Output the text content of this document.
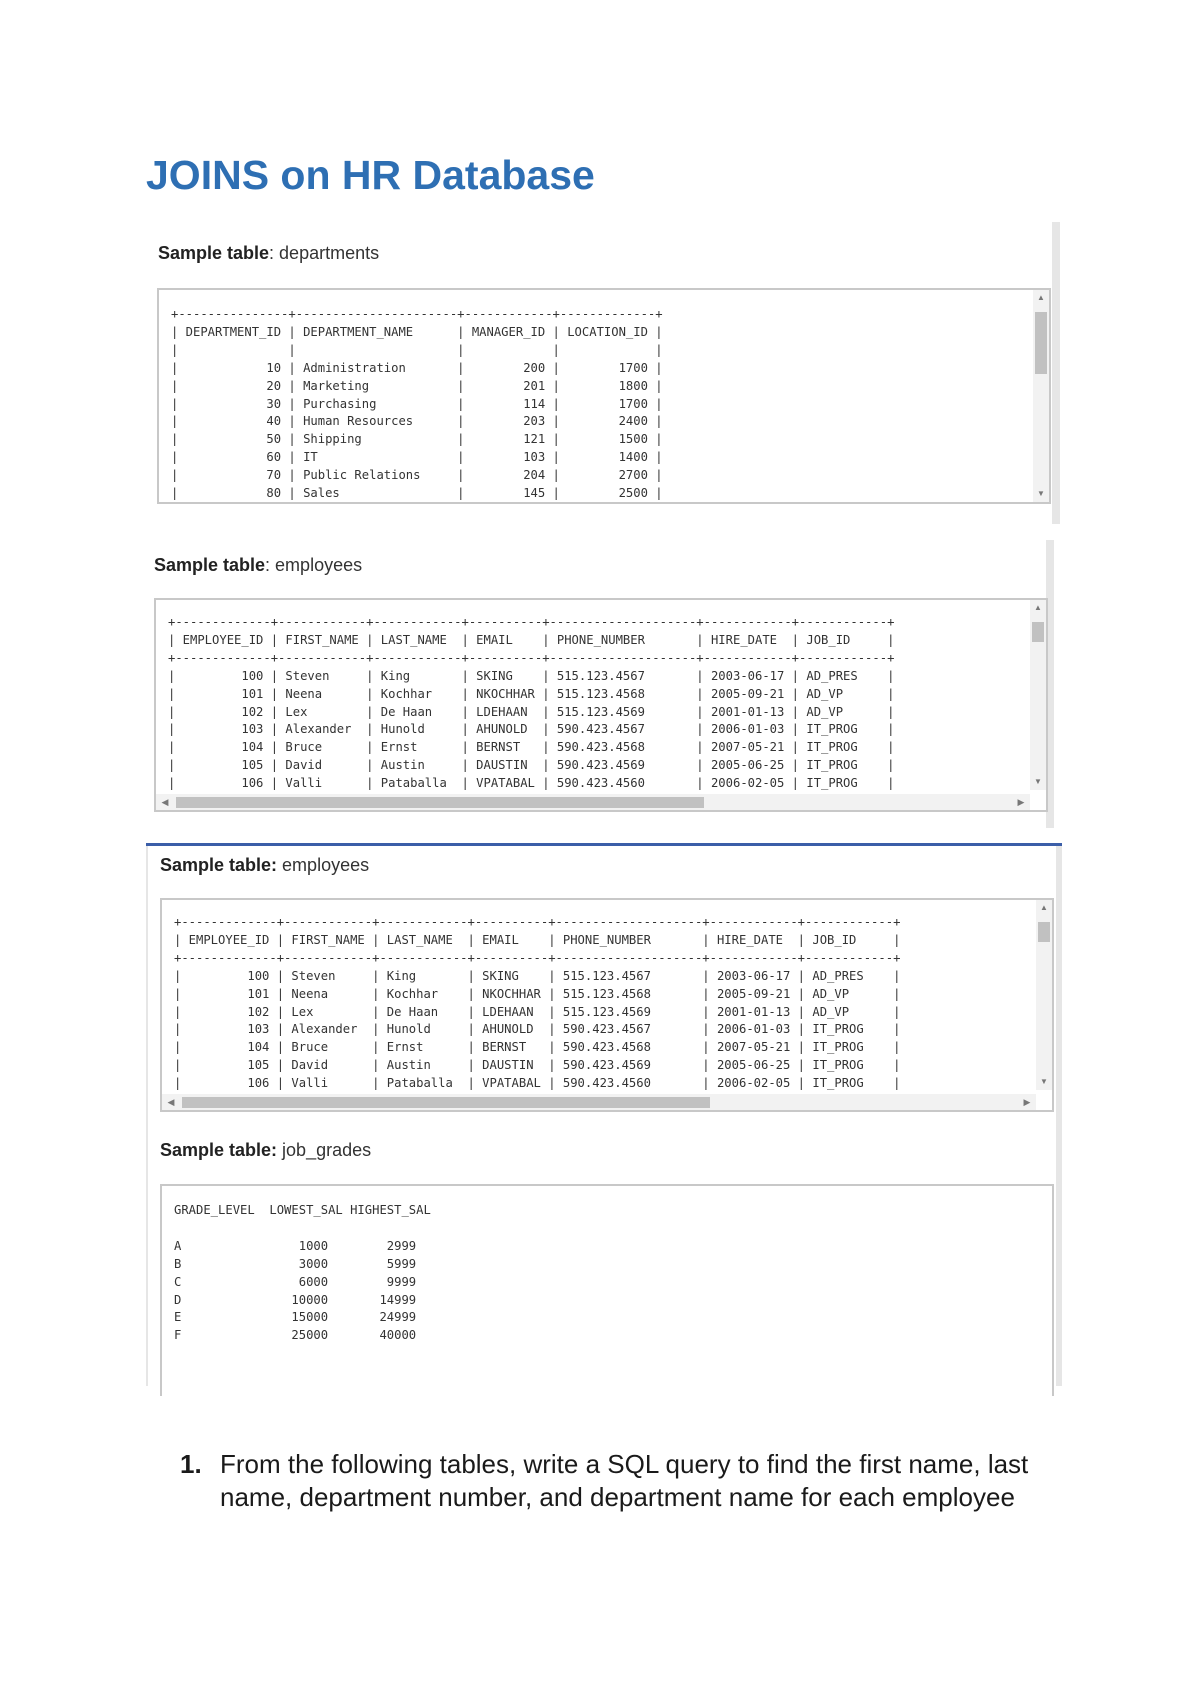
JOINS on HR Database
Sample table: departments
+---------------+----------------------+------------+-------------+
| DEPARTMENT_ID | DEPARTMENT_NAME      | MANAGER_ID | LOCATION_ID |
|               |                      |            |             |
|            10 | Administration       |        200 |        1700 |
|            20 | Marketing            |        201 |        1800 |
|            30 | Purchasing           |        114 |        1700 |
|            40 | Human Resources      |        203 |        2400 |
|            50 | Shipping             |        121 |        1500 |
|            60 | IT                   |        103 |        1400 |
|            70 | Public Relations     |        204 |        2700 |
|            80 | Sales                |        145 |        2500 |
▲
▼
Sample table: employees
+-------------+------------+------------+----------+--------------------+------------+------------+
| EMPLOYEE_ID | FIRST_NAME | LAST_NAME  | EMAIL    | PHONE_NUMBER       | HIRE_DATE  | JOB_ID     |
+-------------+------------+------------+----------+--------------------+------------+------------+
|         100 | Steven     | King       | SKING    | 515.123.4567       | 2003-06-17 | AD_PRES    |
|         101 | Neena      | Kochhar    | NKOCHHAR | 515.123.4568       | 2005-09-21 | AD_VP      |
|         102 | Lex        | De Haan    | LDEHAAN  | 515.123.4569       | 2001-01-13 | AD_VP      |
|         103 | Alexander  | Hunold     | AHUNOLD  | 590.423.4567       | 2006-01-03 | IT_PROG    |
|         104 | Bruce      | Ernst      | BERNST   | 590.423.4568       | 2007-05-21 | IT_PROG    |
|         105 | David      | Austin     | DAUSTIN  | 590.423.4569       | 2005-06-25 | IT_PROG    |
|         106 | Valli      | Pataballa  | VPATABAL | 590.423.4560       | 2006-02-05 | IT_PROG    |
▲
▼
◀	▶
Sample table: employees
+-------------+------------+------------+----------+--------------------+------------+------------+
| EMPLOYEE_ID | FIRST_NAME | LAST_NAME  | EMAIL    | PHONE_NUMBER       | HIRE_DATE  | JOB_ID     |
+-------------+------------+------------+----------+--------------------+------------+------------+
|         100 | Steven     | King       | SKING    | 515.123.4567       | 2003-06-17 | AD_PRES    |
|         101 | Neena      | Kochhar    | NKOCHHAR | 515.123.4568       | 2005-09-21 | AD_VP      |
|         102 | Lex        | De Haan    | LDEHAAN  | 515.123.4569       | 2001-01-13 | AD_VP      |
|         103 | Alexander  | Hunold     | AHUNOLD  | 590.423.4567       | 2006-01-03 | IT_PROG    |
|         104 | Bruce      | Ernst      | BERNST   | 590.423.4568       | 2007-05-21 | IT_PROG    |
|         105 | David      | Austin     | DAUSTIN  | 590.423.4569       | 2005-06-25 | IT_PROG    |
|         106 | Valli      | Pataballa  | VPATABAL | 590.423.4560       | 2006-02-05 | IT_PROG    |
▲
▼
◀	▶
Sample table: job_grades
GRADE_LEVEL  LOWEST_SAL HIGHEST_SAL

A                1000        2999
B                3000        5999
C                6000        9999
D               10000       14999
E               15000       24999
F               25000       40000
1. From the following tables, write a SQL query to find the first name, last name, department number, and department name for each employee
